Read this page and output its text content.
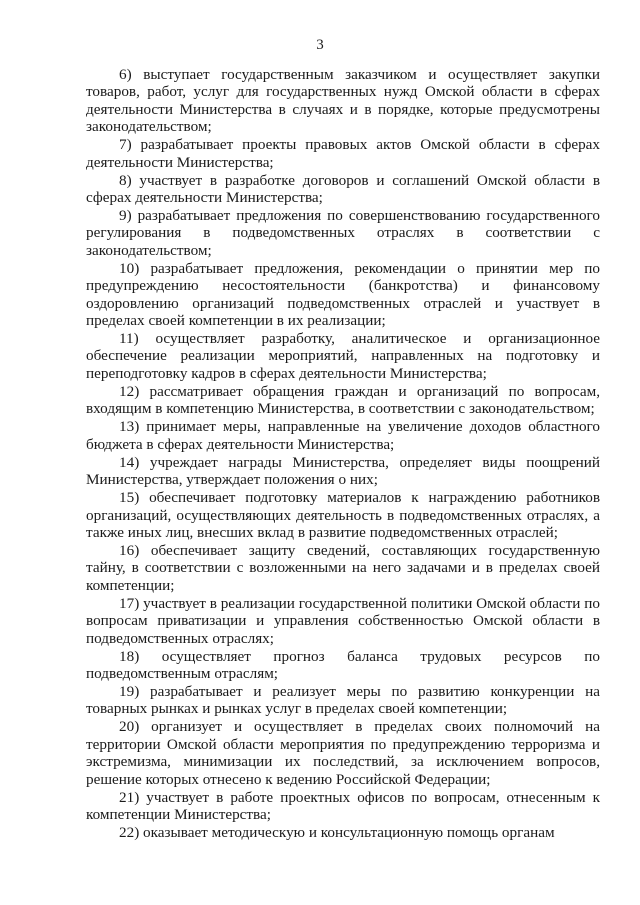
3

6) выступает государственным заказчиком и осуществляет закупки товаров, работ, услуг для государственных нужд Омской области в сферах деятельности Министерства в случаях и в порядке, которые предусмотрены законодательством;

7) разрабатывает проекты правовых актов Омской области в сферах деятельности Министерства;

8) участвует в разработке договоров и соглашений Омской области в сферах деятельности Министерства;

9) разрабатывает предложения по совершенствованию государственного регулирования в подведомственных отраслях в соответствии с законодательством;

10) разрабатывает предложения, рекомендации о принятии мер по предупреждению несостоятельности (банкротства) и финансовому оздоровлению организаций подведомственных отраслей и участвует в пределах своей компетенции в их реализации;

11) осуществляет разработку, аналитическое и организационное обеспечение реализации мероприятий, направленных на подготовку и переподготовку кадров в сферах деятельности Министерства;

12) рассматривает обращения граждан и организаций по вопросам, входящим в компетенцию Министерства, в соответствии с законодательством;

13) принимает меры, направленные на увеличение доходов областного бюджета в сферах деятельности Министерства;

14) учреждает награды Министерства, определяет виды поощрений Министерства, утверждает положения о них;

15) обеспечивает подготовку материалов к награждению работников организаций, осуществляющих деятельность в подведомственных отраслях, а также иных лиц, внесших вклад в развитие подведомственных отраслей;

16) обеспечивает защиту сведений, составляющих государственную тайну, в соответствии с возложенными на него задачами и в пределах своей компетенции;

17) участвует в реализации государственной политики Омской области по вопросам приватизации и управления собственностью Омской области в подведомственных отраслях;

18) осуществляет прогноз баланса трудовых ресурсов по подведомственным отраслям;

19) разрабатывает и реализует меры по развитию конкуренции на товарных рынках и рынках услуг в пределах своей компетенции;

20) организует и осуществляет в пределах своих полномочий на территории Омской области мероприятия по предупреждению терроризма и экстремизма, минимизации их последствий, за исключением вопросов, решение которых отнесено к ведению Российской Федерации;

21) участвует в работе проектных офисов по вопросам, отнесенным к компетенции Министерства;

22) оказывает методическую и консультационную помощь органам
